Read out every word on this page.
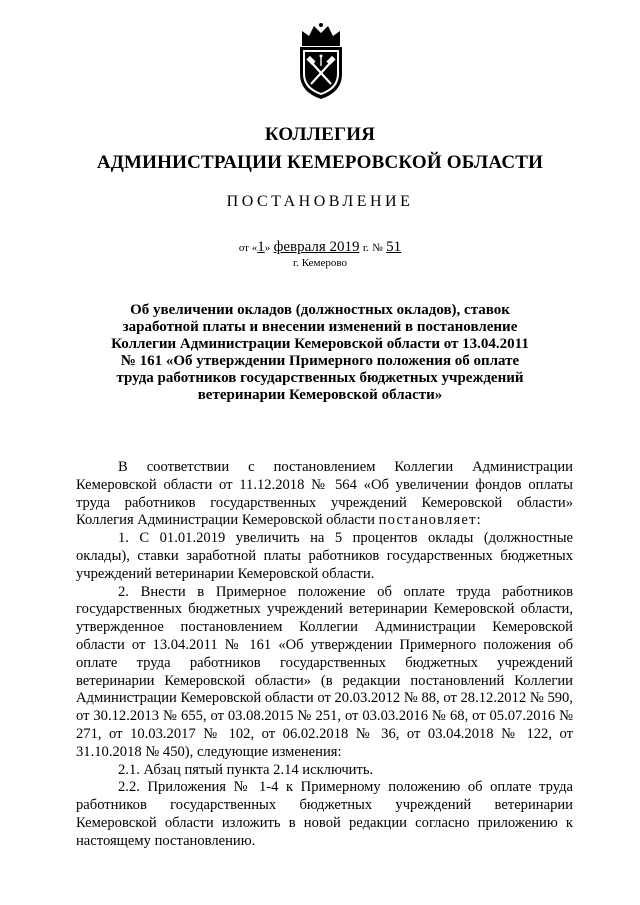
КОЛЛЕГИЯ
АДМИНИСТРАЦИИ КЕМЕРОВСКОЙ ОБЛАСТИ
ПОСТАНОВЛЕНИЕ
от «1» февраля 2019 г. № 51
г. Кемерово
Об увеличении окладов (должностных окладов), ставок заработной платы и внесении изменений в постановление Коллегии Администрации Кемеровской области от 13.04.2011 № 161 «Об утверждении Примерного положения об оплате труда работников государственных бюджетных учреждений ветеринарии Кемеровской области»

В соответствии с постановлением Коллегии Администрации Кемеровской области от 11.12.2018 № 564 «Об увеличении фондов оплаты труда работников государственных учреждений Кемеровской области» Коллегия Администрации Кемеровской области постановляет:

1. С 01.01.2019 увеличить на 5 процентов оклады (должностные оклады), ставки заработной платы работников государственных бюджетных учреждений ветеринарии Кемеровской области.

2. Внести в Примерное положение об оплате труда работников государственных бюджетных учреждений ветеринарии Кемеровской области, утвержденное постановлением Коллегии Администрации Кемеровской области от 13.04.2011 № 161 «Об утверждении Примерного положения об оплате труда работников государственных бюджетных учреждений ветеринарии Кемеровской области» (в редакции постановлений Коллегии Администрации Кемеровской области от 20.03.2012 № 88, от 28.12.2012 № 590, от 30.12.2013 № 655, от 03.08.2015 № 251, от 03.03.2016 № 68, от 05.07.2016 № 271, от 10.03.2017 № 102, от 06.02.2018 № 36, от 03.04.2018 № 122, от 31.10.2018 № 450), следующие изменения:

2.1. Абзац пятый пункта 2.14 исключить.

2.2. Приложения № 1-4 к Примерному положению об оплате труда работников государственных бюджетных учреждений ветеринарии Кемеровской области изложить в новой редакции согласно приложению к настоящему постановлению.
